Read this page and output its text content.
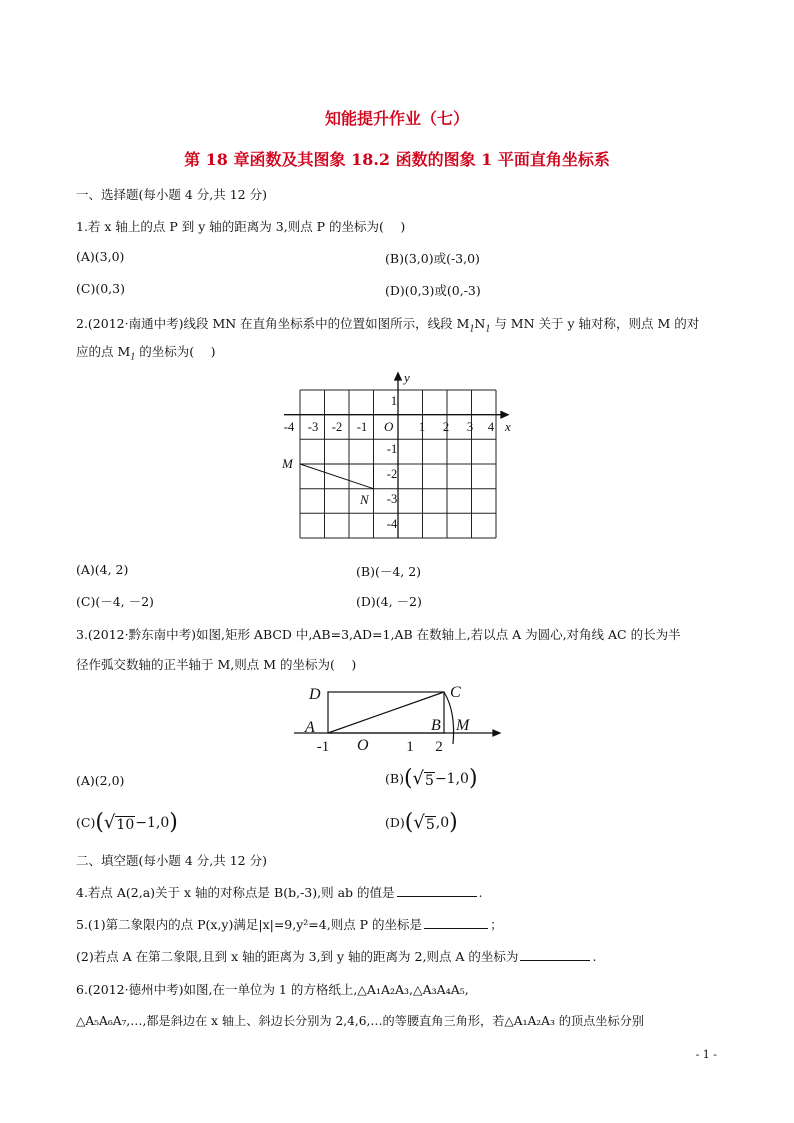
知能提升作业（七）
第 18 章函数及其图象 18.2 函数的图象 1 平面直角坐标系
一、选择题(每小题 4 分,共 12 分)
1.若 x 轴上的点 P 到 y 轴的距离为 3,则点 P 的坐标为(　 )
(A)(3,0)	(B)(3,0)或(-3,0)
(C)(0,3)	(D)(0,3)或(0,-3)
2.(2012·南通中考)线段 MN 在直角坐标系中的位置如图所示，线段 $M_1N_1$ 与 MN 关于 y 轴对称，则点 M 的对
应的点 $M_1$ 的坐标为(　 )
y
x
O
M
N
-4 -3 -2 -1	1 2 3 4
1
-1
-2
-3
-4
(A)(4, 2)	(B)(－4, 2)
(C)(－4, －2)	(D)(4, －2)
3.(2012·黔东南中考)如图,矩形 ABCD 中,AB=3,AD=1,AB 在数轴上,若以点 A 为圆心,对角线 AC 的长为半
径作弧交数轴的正半轴于 M,则点 M 的坐标为(　 )
D	C
A	B M
O
-1	1 2
(A)(2,0)	(B) ( √ 5 −1,0 )
(C) ( √ 10 −1,0 )	(D) ( √ 5 ,0 )
二、填空题(每小题 4 分,共 12 分)
4.若点 A(2,a)关于 x 轴的对称点是 B(b,-3),则 ab 的值是	.
5.(1)第二象限内的点 P(x,y)满足|x|=9,y²=4,则点 P 的坐标是	；
(2)若点 A 在第二象限,且到 x 轴的距离为 3,到 y 轴的距离为 2,则点 A 的坐标为	.
6.(2012·德州中考)如图,在一单位为 1 的方格纸上,△A₁A₂A₃,△A₃A₄A₅,
△A₅A₆A₇,…,都是斜边在 x 轴上、斜边长分别为 2,4,6,…的等腰直角三角形，若△A₁A₂A₃ 的顶点坐标分别
- 1 -
